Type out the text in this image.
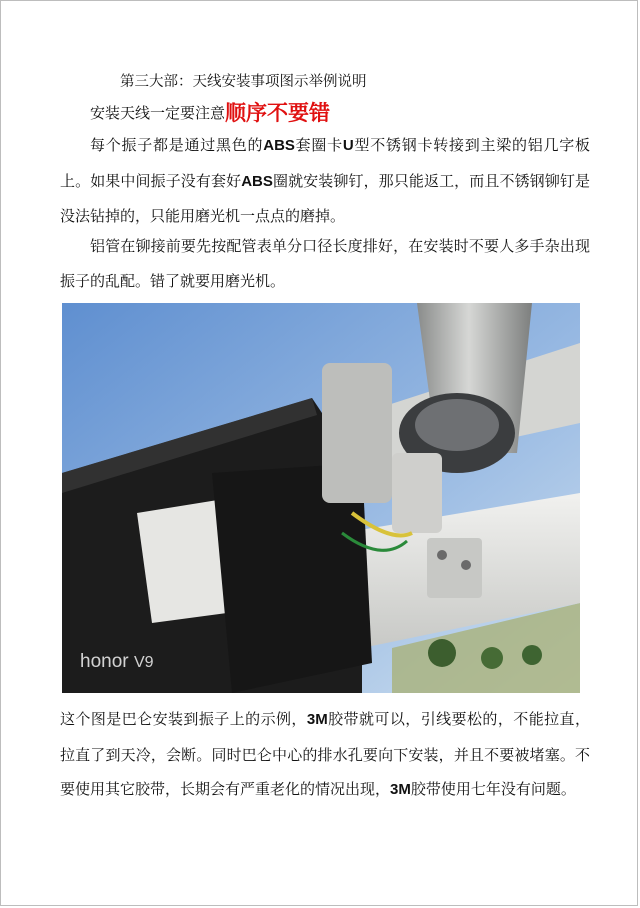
第三大部：天线安装事项图示举例说明
安装天线一定要注意顺序不要错
每个振子都是通过黑色的ABS套圈卡U型不锈钢卡转接到主梁的铝几字板上。如果中间振子没有套好ABS圈就安装铆钉，那只能返工，而且不锈钢铆钉是没法钻掉的，只能用磨光机一点点的磨掉。
铝管在铆接前要先按配管表单分口径长度排好，在安装时不要人多手杂出现振子的乱配。错了就要用磨光机。
honor V9
这个图是巴仑安装到振子上的示例，3M胶带就可以，引线要松的，不能拉直，拉直了到天冷，会断。同时巴仑中心的排水孔要向下安装，并且不要被堵塞。不要使用其它胶带，长期会有严重老化的情况出现，3M胶带使用七年没有问题。
